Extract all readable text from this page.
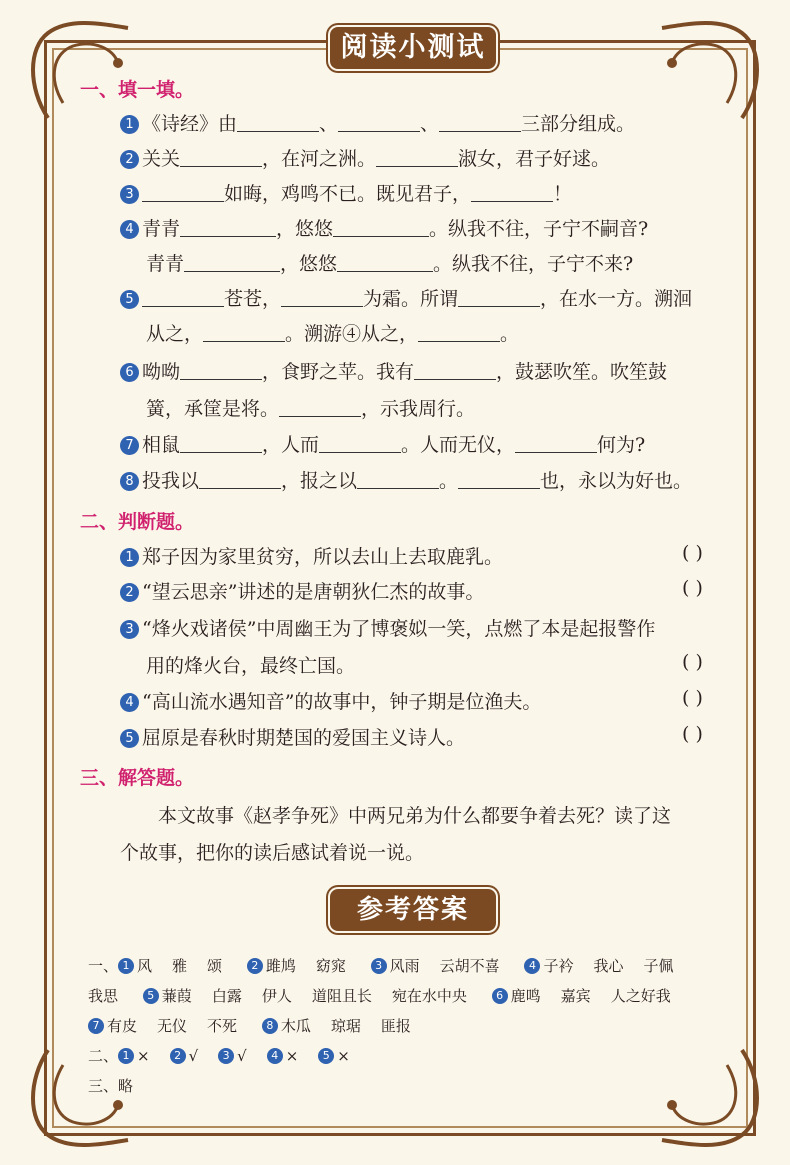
阅读小测试
一、填一填。
1 《诗经》由	、	、	三部分组成。
2 关关	，在河之洲。	淑女，君子好逑。
3	如晦，鸡鸣不已。既见君子，	！
4 青青	，悠悠	。纵我不往，子宁不嗣音?
青青	，悠悠	。纵我不往，子宁不来?
5	苍苍，	为霜。所谓	，在水一方。溯洄
从之，	。溯游④从之，	。
6 呦呦	，食野之苹。我有	，鼓瑟吹笙。吹笙鼓
簧，承筐是将。	，示我周行。
7 相鼠	，人而	。人而无仪，	何为?
8 投我以	，报之以	。	也，永以为好也。
二、判断题。
1 郑子因为家里贫穷，所以去山上去取鹿乳。	( )
2 “望云思亲”讲述的是唐朝狄仁杰的故事。	( )
3 “烽火戏诸侯”中周幽王为了博褒姒一笑，点燃了本是起报警作
用的烽火台，最终亡国。	( )
4 “高山流水遇知音”的故事中，钟子期是位渔夫。	( )
5 屈原是春秋时期楚国的爱国主义诗人。	( )
三、解答题。
本文故事《赵孝争死》中两兄弟为什么都要争着去死？读了这
个故事，把你的读后感试着说一说。
参考答案
一、 1 风 雅 颂	2 雎鸠 窈窕	3 风雨 云胡不喜	4 子衿 我心 子佩
我思	5 蒹葭 白露 伊人 道阻且长 宛在水中央	6 鹿鸣 嘉宾 人之好我
7 有皮 无仪 不死	8 木瓜 琼琚 匪报
二、 1 × 2 √ 3 √ 4 × 5 ×
三、略
